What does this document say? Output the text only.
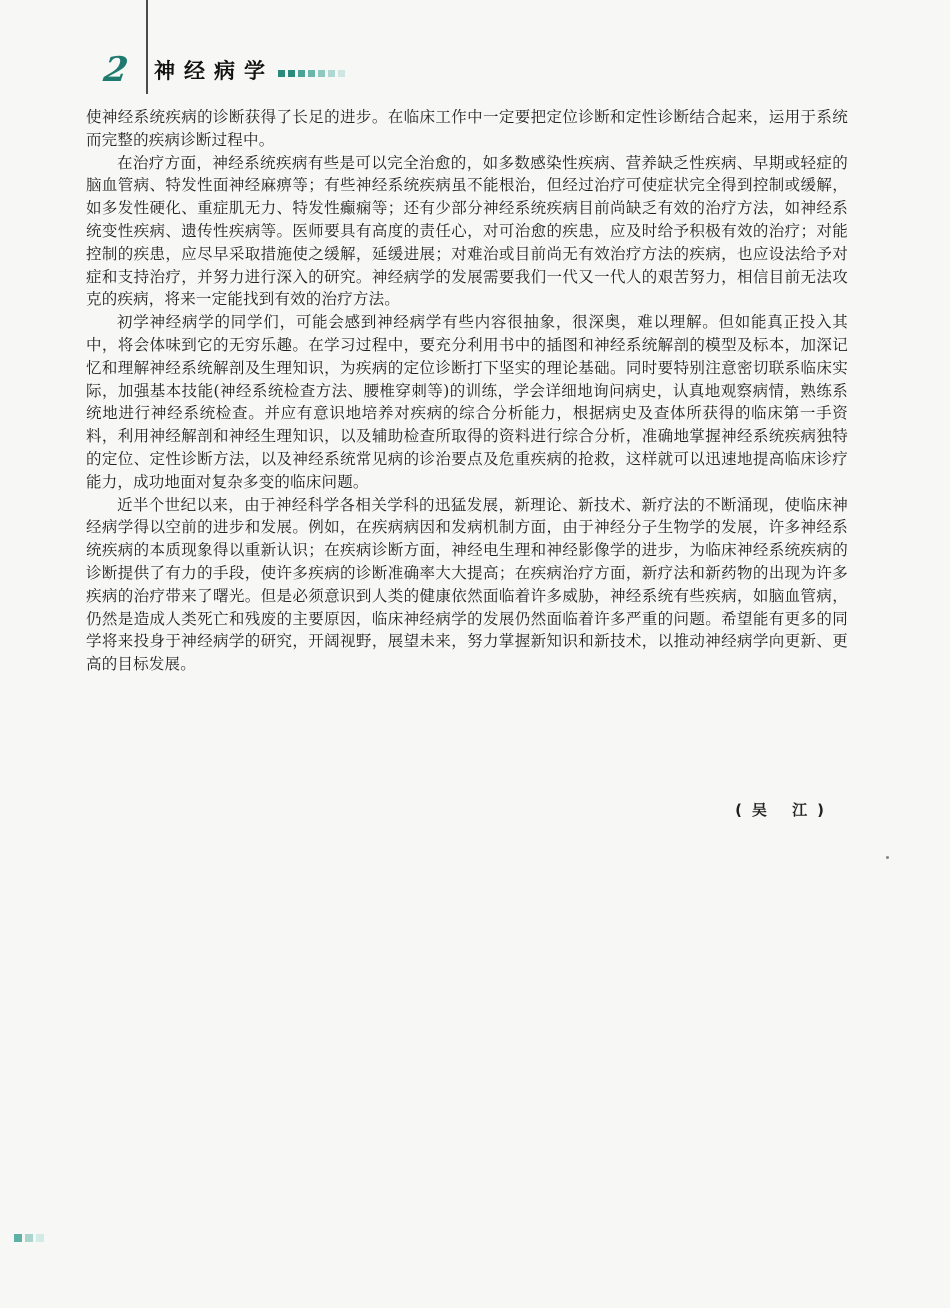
2	神经病学

使神经系统疾病的诊断获得了长足的进步。在临床工作中一定要把定位诊断和定性诊断结合起来，运用于系统而完整的疾病诊断过程中。

在治疗方面，神经系统疾病有些是可以完全治愈的，如多数感染性疾病、营养缺乏性疾病、早期或轻症的脑血管病、特发性面神经麻痹等；有些神经系统疾病虽不能根治，但经过治疗可使症状完全得到控制或缓解，如多发性硬化、重症肌无力、特发性癫痫等；还有少部分神经系统疾病目前尚缺乏有效的治疗方法，如神经系统变性疾病、遗传性疾病等。医师要具有高度的责任心，对可治愈的疾患，应及时给予积极有效的治疗；对能控制的疾患，应尽早采取措施使之缓解，延缓进展；对难治或目前尚无有效治疗方法的疾病，也应设法给予对症和支持治疗，并努力进行深入的研究。神经病学的发展需要我们一代又一代人的艰苦努力，相信目前无法攻克的疾病，将来一定能找到有效的治疗方法。

初学神经病学的同学们，可能会感到神经病学有些内容很抽象，很深奥，难以理解。但如能真正投入其中，将会体味到它的无穷乐趣。在学习过程中，要充分利用书中的插图和神经系统解剖的模型及标本，加深记忆和理解神经系统解剖及生理知识，为疾病的定位诊断打下坚实的理论基础。同时要特别注意密切联系临床实际，加强基本技能(神经系统检查方法、腰椎穿刺等)的训练，学会详细地询问病史，认真地观察病情，熟练系统地进行神经系统检查。并应有意识地培养对疾病的综合分析能力，根据病史及查体所获得的临床第一手资料，利用神经解剖和神经生理知识，以及辅助检查所取得的资料进行综合分析，准确地掌握神经系统疾病独特的定位、定性诊断方法，以及神经系统常见病的诊治要点及危重疾病的抢救，这样就可以迅速地提高临床诊疗能力，成功地面对复杂多变的临床问题。

近半个世纪以来，由于神经科学各相关学科的迅猛发展，新理论、新技术、新疗法的不断涌现，使临床神经病学得以空前的进步和发展。例如，在疾病病因和发病机制方面，由于神经分子生物学的发展，许多神经系统疾病的本质现象得以重新认识；在疾病诊断方面，神经电生理和神经影像学的进步，为临床神经系统疾病的诊断提供了有力的手段，使许多疾病的诊断准确率大大提高；在疾病治疗方面，新疗法和新药物的出现为许多疾病的治疗带来了曙光。但是必须意识到人类的健康依然面临着许多威胁，神经系统有些疾病，如脑血管病，仍然是造成人类死亡和残废的主要原因，临床神经病学的发展仍然面临着许多严重的问题。希望能有更多的同学将来投身于神经病学的研究，开阔视野，展望未来，努力掌握新知识和新技术，以推动神经病学向更新、更高的目标发展。

(吴 江)
